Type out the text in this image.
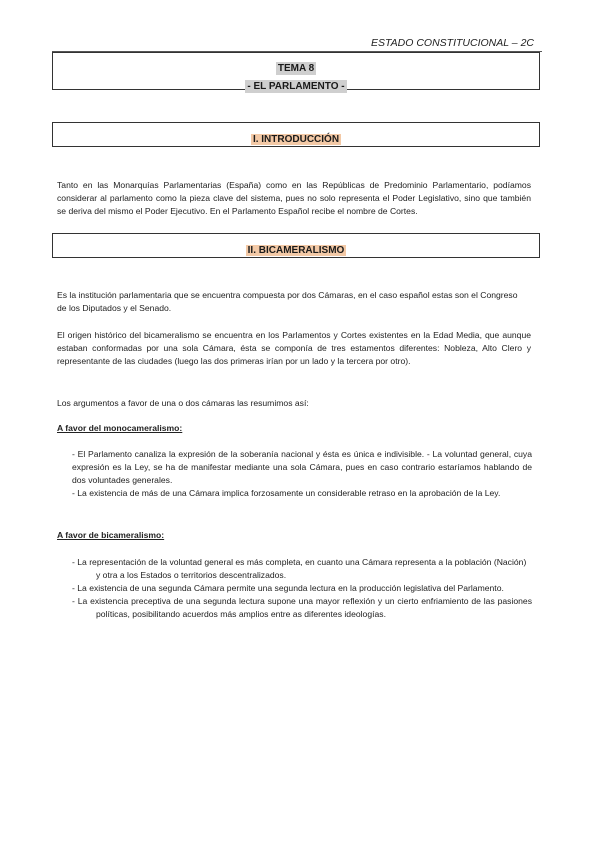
ESTADO CONSTITUCIONAL – 2C
TEMA 8
- EL PARLAMENTO -
I. INTRODUCCIÓN
Tanto en las Monarquías Parlamentarias (España) como en las Repúblicas de Predominio Parlamentario, podíamos considerar al parlamento como la pieza clave del sistema, pues no solo representa el Poder Legislativo, sino que también se deriva del mismo el Poder Ejecutivo. En el Parlamento Español recibe el nombre de Cortes.
II. BICAMERALISMO
Es la institución parlamentaria que se encuentra compuesta por dos Cámaras, en el caso español estas son el Congreso de los Diputados y el Senado.
El origen histórico del bicameralismo se encuentra en los Parlamentos y Cortes existentes en la Edad Media, que aunque estaban conformadas por una sola Cámara, ésta se componía de tres estamentos diferentes: Nobleza, Alto Clero y representante de las ciudades (luego las dos primeras irían por un lado y la tercera por otro).
Los argumentos a favor de una o dos cámaras las resumimos así:
A favor del monocameralismo:
- El Parlamento canaliza la expresión de la soberanía nacional y ésta es única e indivisible. - La voluntad general, cuya expresión es la Ley, se ha de manifestar mediante una sola Cámara, pues en caso contrario estaríamos hablando de dos voluntades generales.
- La existencia de más de una Cámara implica forzosamente un considerable retraso en la aprobación de la Ley.
A favor de bicameralismo:
- La representación de la voluntad general es más completa, en cuanto una Cámara representa a la población (Nación) y otra a los Estados o territorios descentralizados.
- La existencia de una segunda Cámara permite una segunda lectura en la producción legislativa del Parlamento.
- La existencia preceptiva de una segunda lectura supone una mayor reflexión y un cierto enfriamiento de las pasiones políticas, posibilitando acuerdos más amplios entre as diferentes ideologías.
